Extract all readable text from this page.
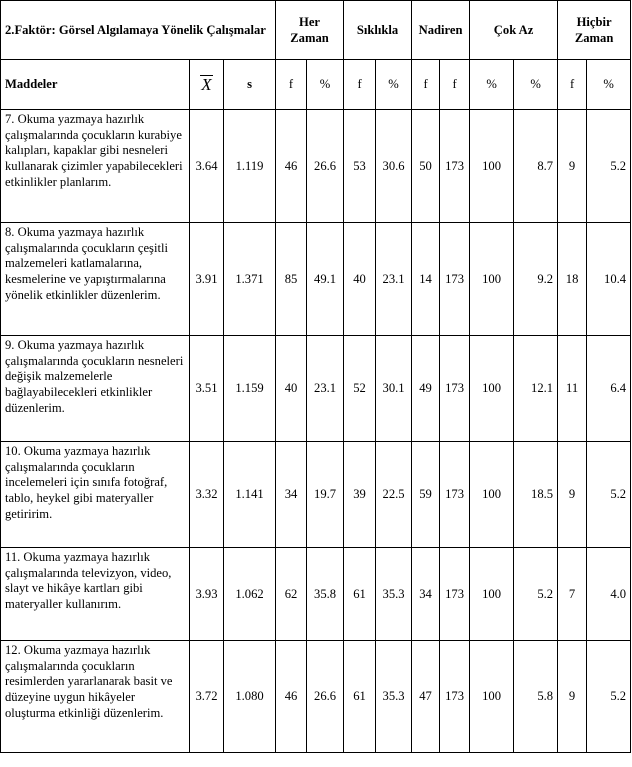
2.Faktör: Görsel Algılamaya Yönelik Çalışmalar			Her Zaman		Sıklıkla		Nadiren		Çok Az		Hiçbir Zaman	
Maddeler	X	s	f	%	f	%	f	f	%	%	f	%
7. Okuma yazmaya hazırlık çalışmalarında çocukların kurabiye kalıpları, kapaklar gibi nesneleri kullanarak çizimler yapabilecekleri etkinlikler planlarım.	3.64	1.119	46	26.6	53	30.6	50	173	100	8.7	9	5.2
8. Okuma yazmaya hazırlık çalışmalarında çocukların çeşitli malzemeleri katlamalarına, kesmelerine ve yapıştırmalarına yönelik etkinlikler düzenlerim.	3.91	1.371	85	49.1	40	23.1	14	173	100	9.2	18	10.4
9. Okuma yazmaya hazırlık çalışmalarında çocukların nesneleri değişik malzemelerle bağlayabilecekleri etkinlikler düzenlerim.	3.51	1.159	40	23.1	52	30.1	49	173	100	12.1	11	6.4
10. Okuma yazmaya hazırlık çalışmalarında çocukların incelemeleri için sınıfa fotoğraf, tablo, heykel gibi materyaller getiririm.	3.32	1.141	34	19.7	39	22.5	59	173	100	18.5	9	5.2
11. Okuma yazmaya hazırlık çalışmalarında televizyon, video, slayt ve hikâye kartları gibi materyaller kullanırım.	3.93	1.062	62	35.8	61	35.3	34	173	100	5.2	7	4.0
12. Okuma yazmaya hazırlık çalışmalarında çocukların resimlerden yararlanarak basit ve düzeyine uygun hikâyeler oluşturma etkinliği düzenlerim.	3.72	1.080	46	26.6	61	35.3	47	173	100	5.8	9	5.2
